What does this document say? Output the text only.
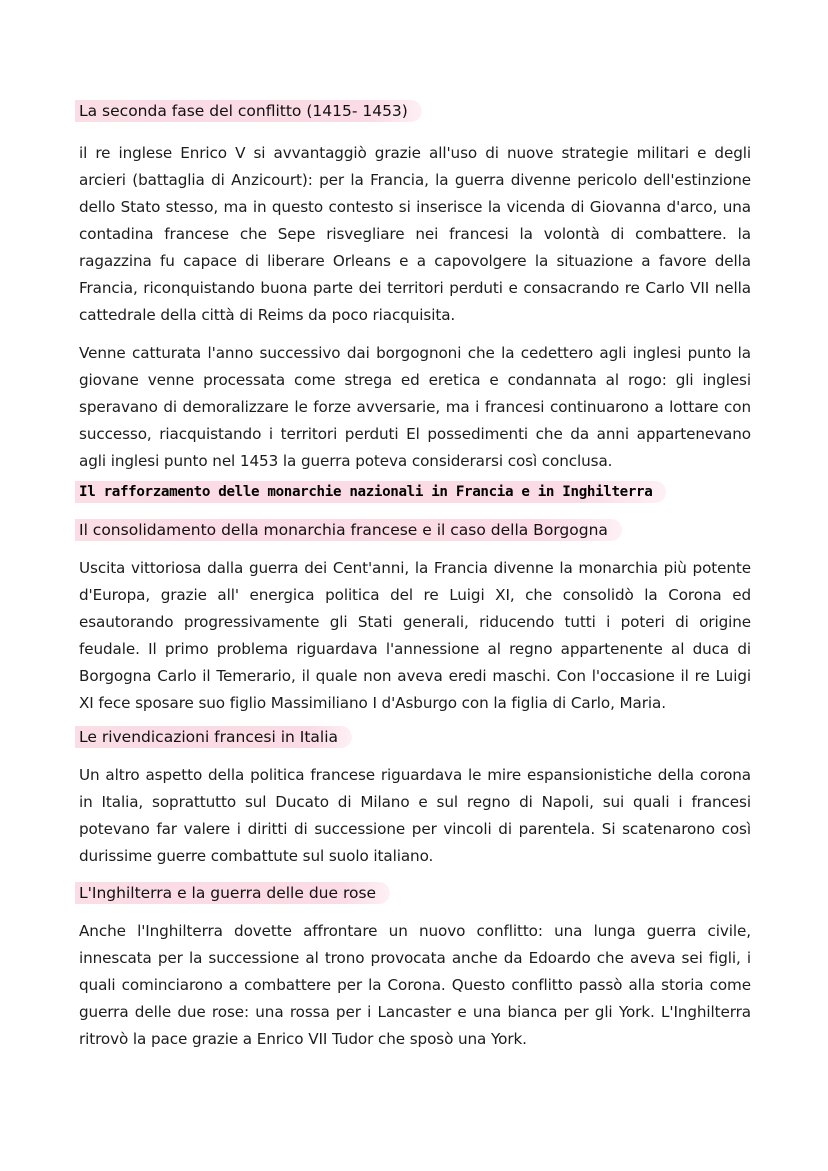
La seconda fase del conflitto (1415- 1453)

il re inglese Enrico V si avvantaggiò grazie all'uso di nuove strategie militari e degli arcieri (battaglia di Anzicourt): per la Francia, la guerra divenne pericolo dell'estinzione dello Stato stesso, ma in questo contesto si inserisce la vicenda di Giovanna d'arco, una contadina francese che Sepe risvegliare nei francesi la volontà di combattere. la ragazzina fu capace di liberare Orleans e a capovolgere la situazione a favore della Francia, riconquistando buona parte dei territori perduti e consacrando re Carlo VII nella cattedrale della città di Reims da poco riacquisita.

Venne catturata l'anno successivo dai borgognoni che la cedettero agli inglesi punto la giovane venne processata come strega ed eretica e condannata al rogo: gli inglesi speravano di demoralizzare le forze avversarie, ma i francesi continuarono a lottare con successo, riacquistando i territori perduti El possedimenti che da anni appartenevano agli inglesi punto nel 1453 la guerra poteva considerarsi così conclusa.

Il rafforzamento delle monarchie nazionali in Francia e in Inghilterra
Il consolidamento della monarchia francese e il caso della Borgogna

Uscita vittoriosa dalla guerra dei Cent'anni, la Francia divenne la monarchia più potente d'Europa, grazie all' energica politica del re Luigi XI, che consolidò la Corona ed esautorando progressivamente gli Stati generali, riducendo tutti i poteri di origine feudale. Il primo problema riguardava l'annessione al regno appartenente al duca di Borgogna Carlo il Temerario, il quale non aveva eredi maschi. Con l'occasione il re Luigi XI fece sposare suo figlio Massimiliano I d'Asburgo con la figlia di Carlo, Maria.

Le rivendicazioni francesi in Italia

Un altro aspetto della politica francese riguardava le mire espansionistiche della corona in Italia, soprattutto sul Ducato di Milano e sul regno di Napoli, sui quali i francesi potevano far valere i diritti di successione per vincoli di parentela. Si scatenarono così durissime guerre combattute sul suolo italiano.

L'Inghilterra e la guerra delle due rose

Anche l'Inghilterra dovette affrontare un nuovo conflitto: una lunga guerra civile, innescata per la successione al trono provocata anche da Edoardo che aveva sei figli, i quali cominciarono a combattere per la Corona. Questo conflitto passò alla storia come guerra delle due rose: una rossa per i Lancaster e una bianca per gli York. L'Inghilterra ritrovò la pace grazie a Enrico VII Tudor che sposò una York.
